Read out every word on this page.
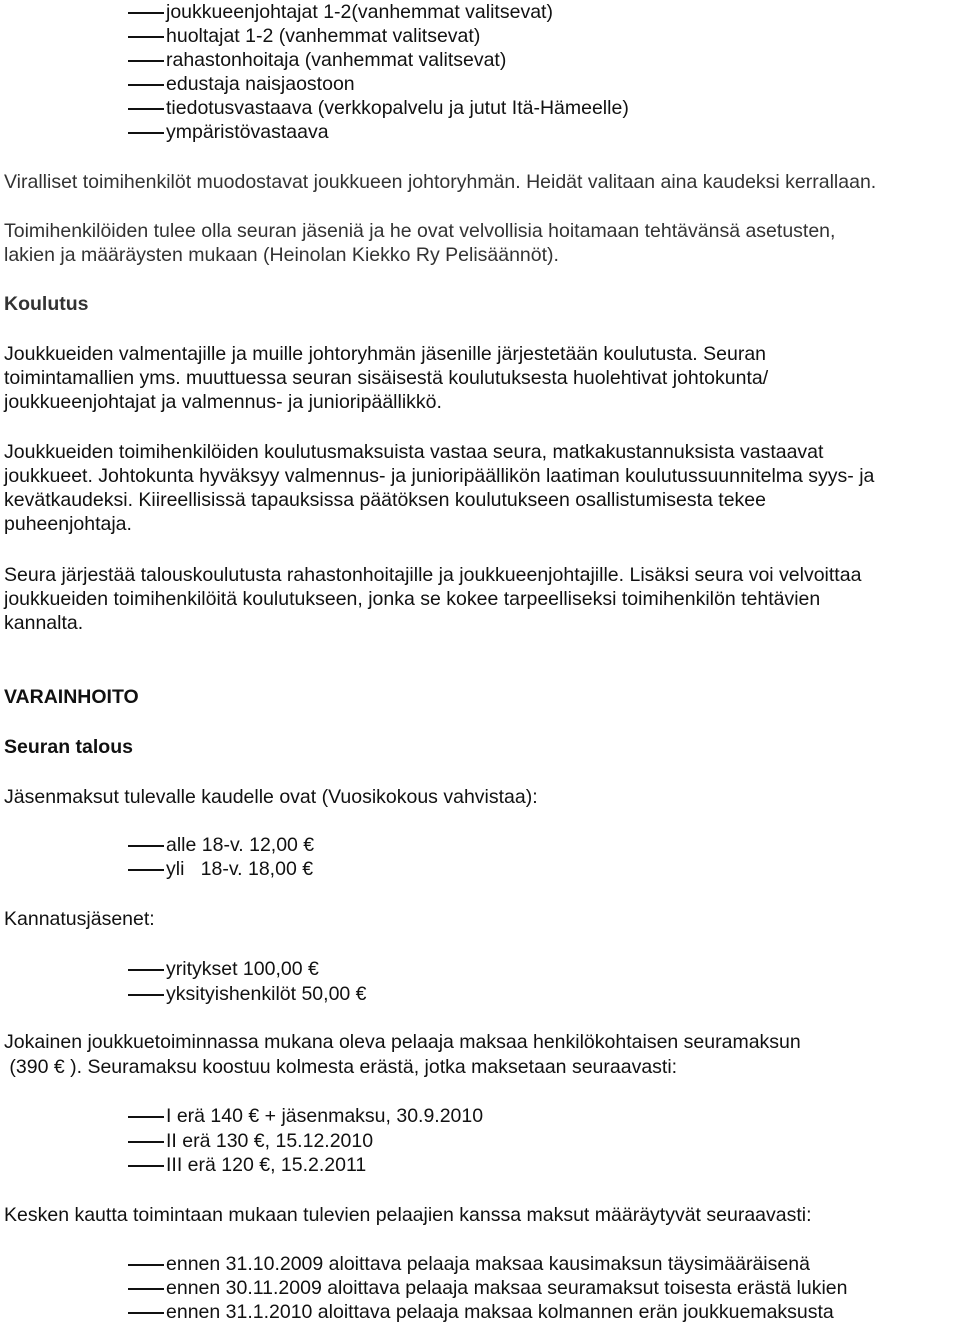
joukkueenjohtajat 1-2(vanhemmat valitsevat)
huoltajat 1-2 (vanhemmat valitsevat)
rahastonhoitaja (vanhemmat valitsevat)
edustaja naisjaostoon
tiedotusvastaava (verkkopalvelu ja jutut Itä-Hämeelle)
ympäristövastaava
Viralliset toimihenkilöt muodostavat joukkueen johtoryhmän. Heidät valitaan aina kaudeksi kerrallaan.
Toimihenkilöiden tulee olla seuran jäseniä ja he ovat velvollisia hoitamaan tehtävänsä asetusten,
lakien ja määräysten mukaan (Heinolan Kiekko Ry Pelisäännöt).
Koulutus
Joukkueiden valmentajille ja muille johtoryhmän jäsenille järjestetään koulutusta. Seuran
toimintamallien yms. muuttuessa seuran sisäisestä koulutuksesta huolehtivat johtokunta/
joukkueenjohtajat ja valmennus- ja junioripäällikkö.
Joukkueiden toimihenkilöiden koulutusmaksuista vastaa seura, matkakustannuksista vastaavat
joukkueet. Johtokunta hyväksyy valmennus- ja junioripäällikön laatiman koulutussuunnitelma syys- ja
kevätkaudeksi. Kiireellisissä tapauksissa päätöksen koulutukseen osallistumisesta tekee
puheenjohtaja.
Seura järjestää talouskoulutusta rahastonhoitajille ja joukkueenjohtajille. Lisäksi seura voi velvoittaa
joukkueiden toimihenkilöitä koulutukseen, jonka se kokee tarpeelliseksi toimihenkilön tehtävien
kannalta.
VARAINHOITO
Seuran talous
Jäsenmaksut tulevalle kaudelle ovat (Vuosikokous vahvistaa):
alle 18-v. 12,00 €
yli   18-v. 18,00 €
Kannatusjäsenet:
yritykset 100,00 €
yksityishenkilöt 50,00 €
Jokainen joukkuetoiminnassa mukana oleva pelaaja maksaa henkilökohtaisen seuramaksun
(390 € ). Seuramaksu koostuu kolmesta erästä, jotka maksetaan seuraavasti:
I erä 140 € + jäsenmaksu, 30.9.2010
II erä 130 €, 15.12.2010
III erä 120 €, 15.2.2011
Kesken kautta toimintaan mukaan tulevien pelaajien kanssa maksut määräytyvät seuraavasti:
ennen 31.10.2009 aloittava pelaaja maksaa kausimaksun täysimääräisenä
ennen 30.11.2009 aloittava pelaaja maksaa seuramaksut toisesta erästä lukien
ennen 31.1.2010 aloittava pelaaja maksaa kolmannen erän joukkuemaksusta
